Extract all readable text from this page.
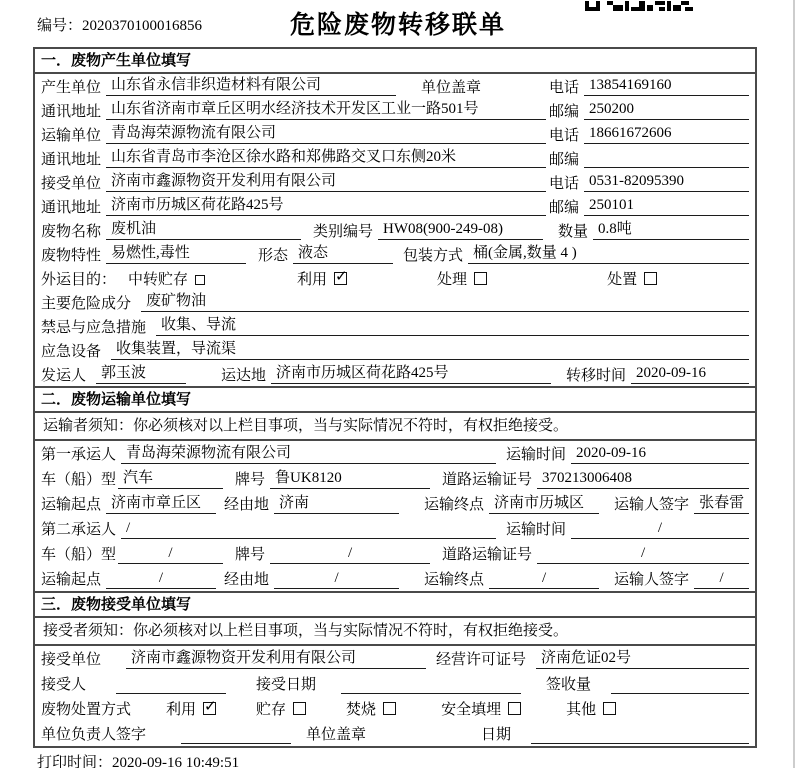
编号：2020370100016856	危险废物转移联单
一．废物产生单位填写
产生单位 山东省永信非织造材料有限公司	单位盖章	电话 13854169160
通讯地址 山东省济南市章丘区明水经济技术开发区工业一路501号	邮编 250200
运输单位 青岛海荣源物流有限公司	电话 18661672606
通讯地址 山东省青岛市李沧区徐水路和郑佛路交叉口东侧20米	邮编
接受单位 济南市鑫源物资开发利用有限公司	电话 0531-82095390
通讯地址 济南市历城区荷花路425号	邮编 250101
废物名称 废机油	类别编号 HW08(900-249-08)	数量 0.8吨
废物特性 易燃性,毒性	形态 液态	包装方式 桶(金属,数量 4 )
外运目的： 中转贮存	利用 ✓	处理	处置
主要危险成分	废矿物油
禁忌与应急措施	收集、导流
应急设备	收集装置，导流渠
发运人	郭玉波	运达地 济南市历城区荷花路425号	转移时间 2020-09-16
二．废物运输单位填写
运输者须知：你必须核对以上栏目事项，当与实际情况不符时，有权拒绝接受。
第一承运人 青岛海荣源物流有限公司	运输时间 2020-09-16
车（船）型 汽车	牌号 鲁UK8120	道路运输证号 370213006408
运输起点 济南市章丘区	经由地 济南	运输终点 济南市历城区	运输人签字 张春雷
第二承运人 /	运输时间	/
车（船）型	/	牌号	/	道路运输证号	/
运输起点	/	经由地	/	运输终点	/	运输人签字	/
三．废物接受单位填写
接受者须知：你必须核对以上栏目事项，当与实际情况不符时，有权拒绝接受。
接受单位	济南市鑫源物资开发利用有限公司	经营许可证号	济南危证02号
接受人	接受日期	签收量
废物处置方式 利用 ✓	贮存	焚烧	安全填埋	其他
单位负责人签字	单位盖章	日期
打印时间：2020-09-16 10:49:51
